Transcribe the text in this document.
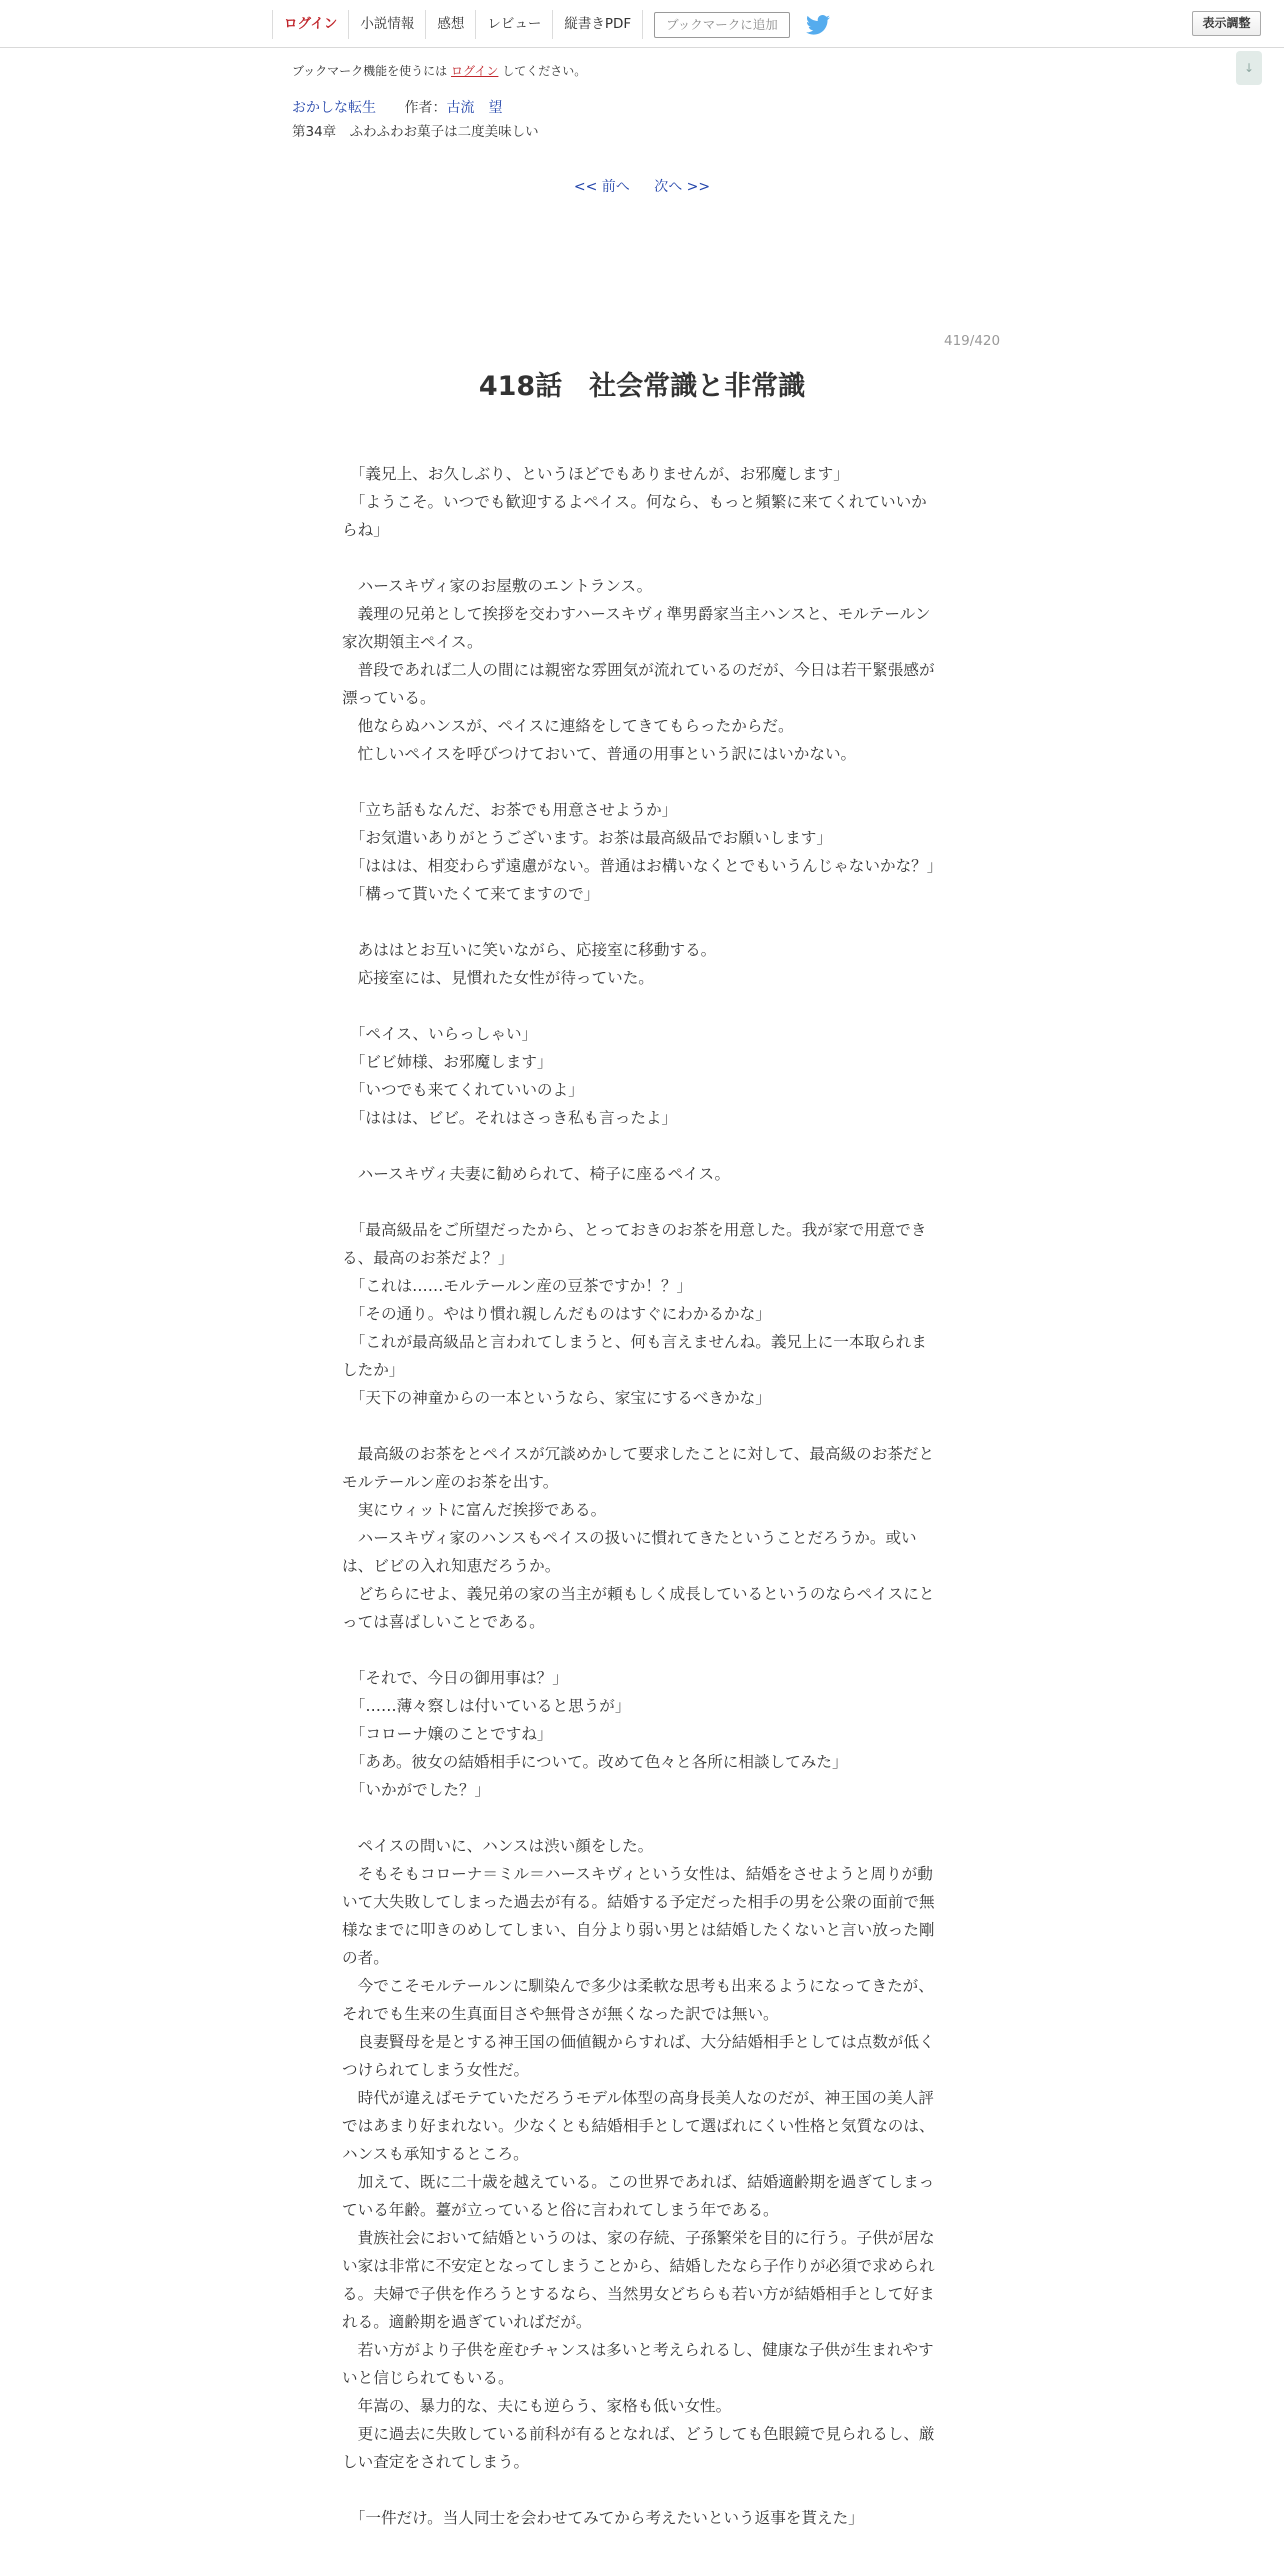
ログイン	小説情報	感想	レビュー	縦書きPDF	ブックマークに追加	表示調整
↓
ブックマーク機能を使うには ログイン してください。
おかしな転生 作者：古流　望
第34章　ふわふわお菓子は二度美味しい
<< 前へ 次へ >>
419/420
418話　社会常識と非常識
　「義兄上、お久しぶり、というほどでもありませんが、お邪魔します」
　「ようこそ。いつでも歓迎するよペイス。何なら、もっと頻繁に来てくれていいからね」
　ハースキヴィ家のお屋敷のエントランス。
　義理の兄弟として挨拶を交わすハースキヴィ準男爵家当主ハンスと、モルテールン家次期領主ペイス。
　普段であれば二人の間には親密な雰囲気が流れているのだが、今日は若干緊張感が漂っている。
　他ならぬハンスが、ペイスに連絡をしてきてもらったからだ。
　忙しいペイスを呼びつけておいて、普通の用事という訳にはいかない。
　「立ち話もなんだ、お茶でも用意させようか」
　「お気遣いありがとうございます。お茶は最高級品でお願いします」
　「ははは、相変わらず遠慮がない。普通はお構いなくとでもいうんじゃないかな？」
　「構って貰いたくて来てますので」
　あははとお互いに笑いながら、応接室に移動する。
　応接室には、見慣れた女性が待っていた。
　「ペイス、いらっしゃい」
　「ビビ姉様、お邪魔します」
　「いつでも来てくれていいのよ」
　「ははは、ビビ。それはさっき私も言ったよ」
　ハースキヴィ夫妻に勧められて、椅子に座るペイス。
　「最高級品をご所望だったから、とっておきのお茶を用意した。我が家で用意できる、最高のお茶だよ？」
　「これは……モルテールン産の豆茶ですか！？」
　「その通り。やはり慣れ親しんだものはすぐにわかるかな」
　「これが最高級品と言われてしまうと、何も言えませんね。義兄上に一本取られましたか」
　「天下の神童からの一本というなら、家宝にするべきかな」
　最高級のお茶をとペイスが冗談めかして要求したことに対して、最高級のお茶だとモルテールン産のお茶を出す。
　実にウィットに富んだ挨拶である。
　ハースキヴィ家のハンスもペイスの扱いに慣れてきたということだろうか。或いは、ビビの入れ知恵だろうか。
　どちらにせよ、義兄弟の家の当主が頼もしく成長しているというのならペイスにとっては喜ばしいことである。
　「それで、今日の御用事は？」
　「……薄々察しは付いていると思うが」
　「コローナ嬢のことですね」
　「ああ。彼女の結婚相手について。改めて色々と各所に相談してみた」
　「いかがでした？」
　ペイスの問いに、ハンスは渋い顔をした。
　そもそもコローナ＝ミル＝ハースキヴィという女性は、結婚をさせようと周りが動いて大失敗してしまった過去が有る。結婚する予定だった相手の男を公衆の面前で無様なまでに叩きのめしてしまい、自分より弱い男とは結婚したくないと言い放った剛の者。
　今でこそモルテールンに馴染んで多少は柔軟な思考も出来るようになってきたが、それでも生来の生真面目さや無骨さが無くなった訳では無い。
　良妻賢母を是とする神王国の価値観からすれば、大分結婚相手としては点数が低くつけられてしまう女性だ。
　時代が違えばモテていただろうモデル体型の高身長美人なのだが、神王国の美人評ではあまり好まれない。少なくとも結婚相手として選ばれにくい性格と気質なのは、ハンスも承知するところ。
　加えて、既に二十歳を越えている。この世界であれば、結婚適齢期を過ぎてしまっている年齢。薹が立っていると俗に言われてしまう年である。
　貴族社会において結婚というのは、家の存続、子孫繁栄を目的に行う。子供が居ない家は非常に不安定となってしまうことから、結婚したなら子作りが必須で求められる。夫婦で子供を作ろうとするなら、当然男女どちらも若い方が結婚相手として好まれる。適齢期を過ぎていればだが。
　若い方がより子供を産むチャンスは多いと考えられるし、健康な子供が生まれやすいと信じられてもいる。
　年嵩の、暴力的な、夫にも逆らう、家格も低い女性。
　更に過去に失敗している前科が有るとなれば、どうしても色眼鏡で見られるし、厳しい査定をされてしまう。
　「一件だけ。当人同士を会わせてみてから考えたいという返事を貰えた」
